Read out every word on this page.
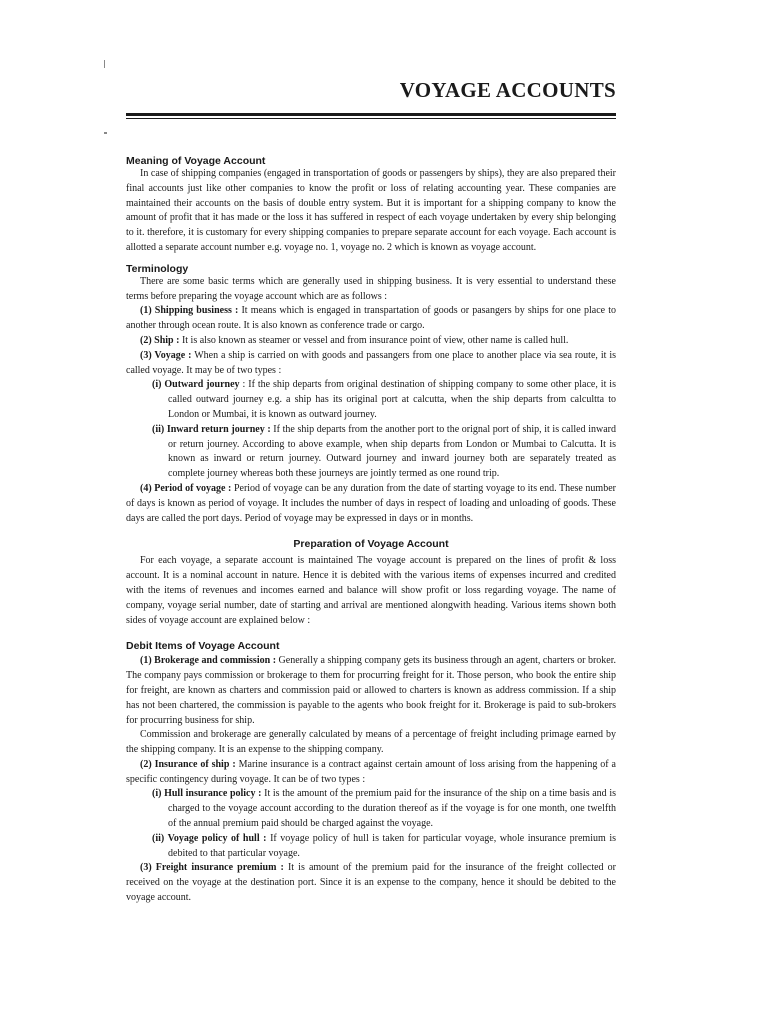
VOYAGE ACCOUNTS
Meaning of Voyage Account

In case of shipping companies (engaged in transportation of goods or passengers by ships), they are also prepared their final accounts just like other companies to know the profit or loss of relating accounting year. These companies are maintained their accounts on the basis of double entry system. But it is important for a shipping company to know the amount of profit that it has made or the loss it has suffered in respect of each voyage undertaken by every ship belonging to it. therefore, it is customary for every shipping companies to prepare separate account for each voyage. Each account is allotted a separate account number e.g. voyage no. 1, voyage no. 2 which is known as voyage account.

Terminology

There are some basic terms which are generally used in shipping business. It is very essential to understand these terms before preparing the voyage account which are as follows :

(1) Shipping business : It means which is engaged in transpartation of goods or pasangers by ships for one place to another through ocean route. It is also known as conference trade or cargo.

(2) Ship : It is also known as steamer or vessel and from insurance point of view, other name is called hull.

(3) Voyage : When a ship is carried on with goods and passangers from one place to another place via sea route, it is called voyage. It may be of two types :

(i) Outward journey : If the ship departs from original destination of shipping company to some other place, it is called outward journey e.g. a ship has its original port at calcutta, when the ship departs from calcultta to London or Mumbai, it is known as outward journey.

(ii) Inward return journey : If the ship departs from the another port to the orignal port of ship, it is called inward or return journey. According to above example, when ship departs from London or Mumbai to Calcutta. It is known as inward or return journey. Outward journey and inward journey both are separately treated as complete journey whereas both these journeys are jointly termed as one round trip.

(4) Period of voyage : Period of voyage can be any duration from the date of starting voyage to its end. These number of days is known as period of voyage. It includes the number of days in respect of loading and unloading of goods. These days are called the port days. Period of voyage may be expressed in days or in months.

Preparation of Voyage Account

For each voyage, a separate account is maintained The voyage account is prepared on the lines of profit & loss account. It is a nominal account in nature. Hence it is debited with the various items of expenses incurred and credited with the items of revenues and incomes earned and balance will show profit or loss regarding voyage. The name of company, voyage serial number, date of starting and arrival are mentioned alongwith heading. Various items shown both sides of voyage account are explained below :

Debit Items of Voyage Account

(1) Brokerage and commission : Generally a shipping company gets its business through an agent, charters or broker. The company pays commission or brokerage to them for procurring freight for it. Those person, who book the entire ship for freight, are known as charters and commission paid or allowed to charters is known as address commission. If a ship has not been chartered, the commission is payable to the agents who book freight for it. Brokerage is paid to sub-brokers for procurring business for ship.

Commission and brokerage are generally calculated by means of a percentage of freight including primage earned by the shipping company. It is an expense to the shipping company.

(2) Insurance of ship : Marine insurance is a contract against certain amount of loss arising from the happening of a specific contingency during voyage. It can be of two types :

(i) Hull insurance policy : It is the amount of the premium paid for the insurance of the ship on a time basis and is charged to the voyage account according to the duration thereof as if the voyage is for one month, one twelfth of the annual premium paid should be charged against the voyage.

(ii) Voyage policy of hull : If voyage policy of hull is taken for particular voyage, whole insurance premium is debited to that particular voyage.

(3) Freight insurance premium : It is amount of the premium paid for the insurance of the freight collected or received on the voyage at the destination port. Since it is an expense to the company, hence it should be debited to the voyage account.
